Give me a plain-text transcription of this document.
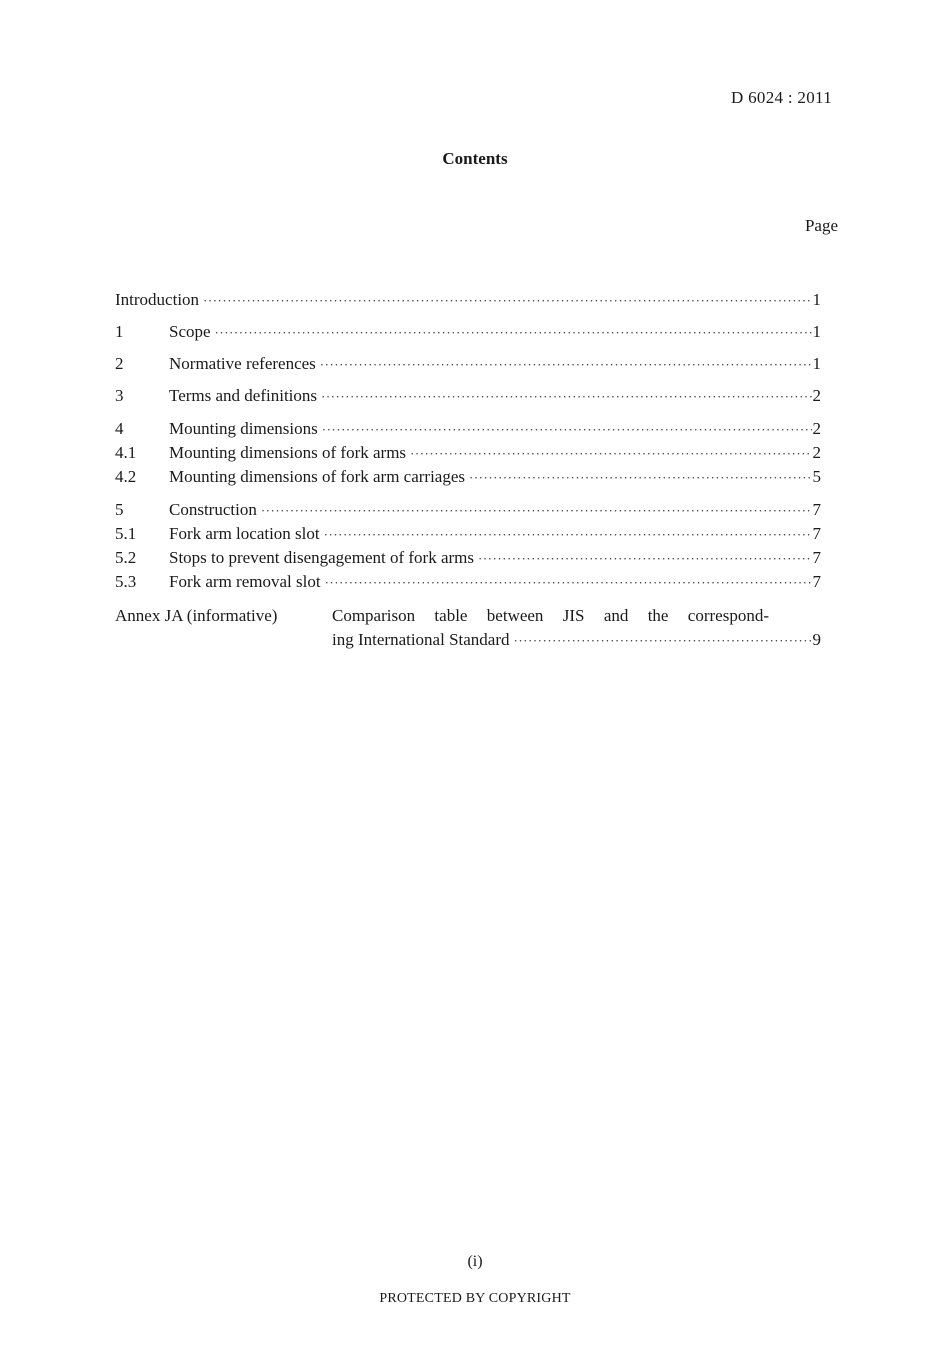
D 6024 : 2011
Contents
Page
Introduction ·····	1
1	Scope ·····	1
2	Normative references ·····	1
3	Terms and definitions ·····	2
4	Mounting dimensions ·····	2
4.1	Mounting dimensions of fork arms ·····	2
4.2	Mounting dimensions of fork arm carriages ·····	5
5	Construction ·····	7
5.1	Fork arm location slot ·····	7
5.2	Stops to prevent disengagement of fork arms ·····	7
5.3	Fork arm removal slot ·····	7
Annex JA (informative)	Comparison table between JIS and the correspond-
ing International Standard ·····	9
(i)
PROTECTED BY COPYRIGHT
